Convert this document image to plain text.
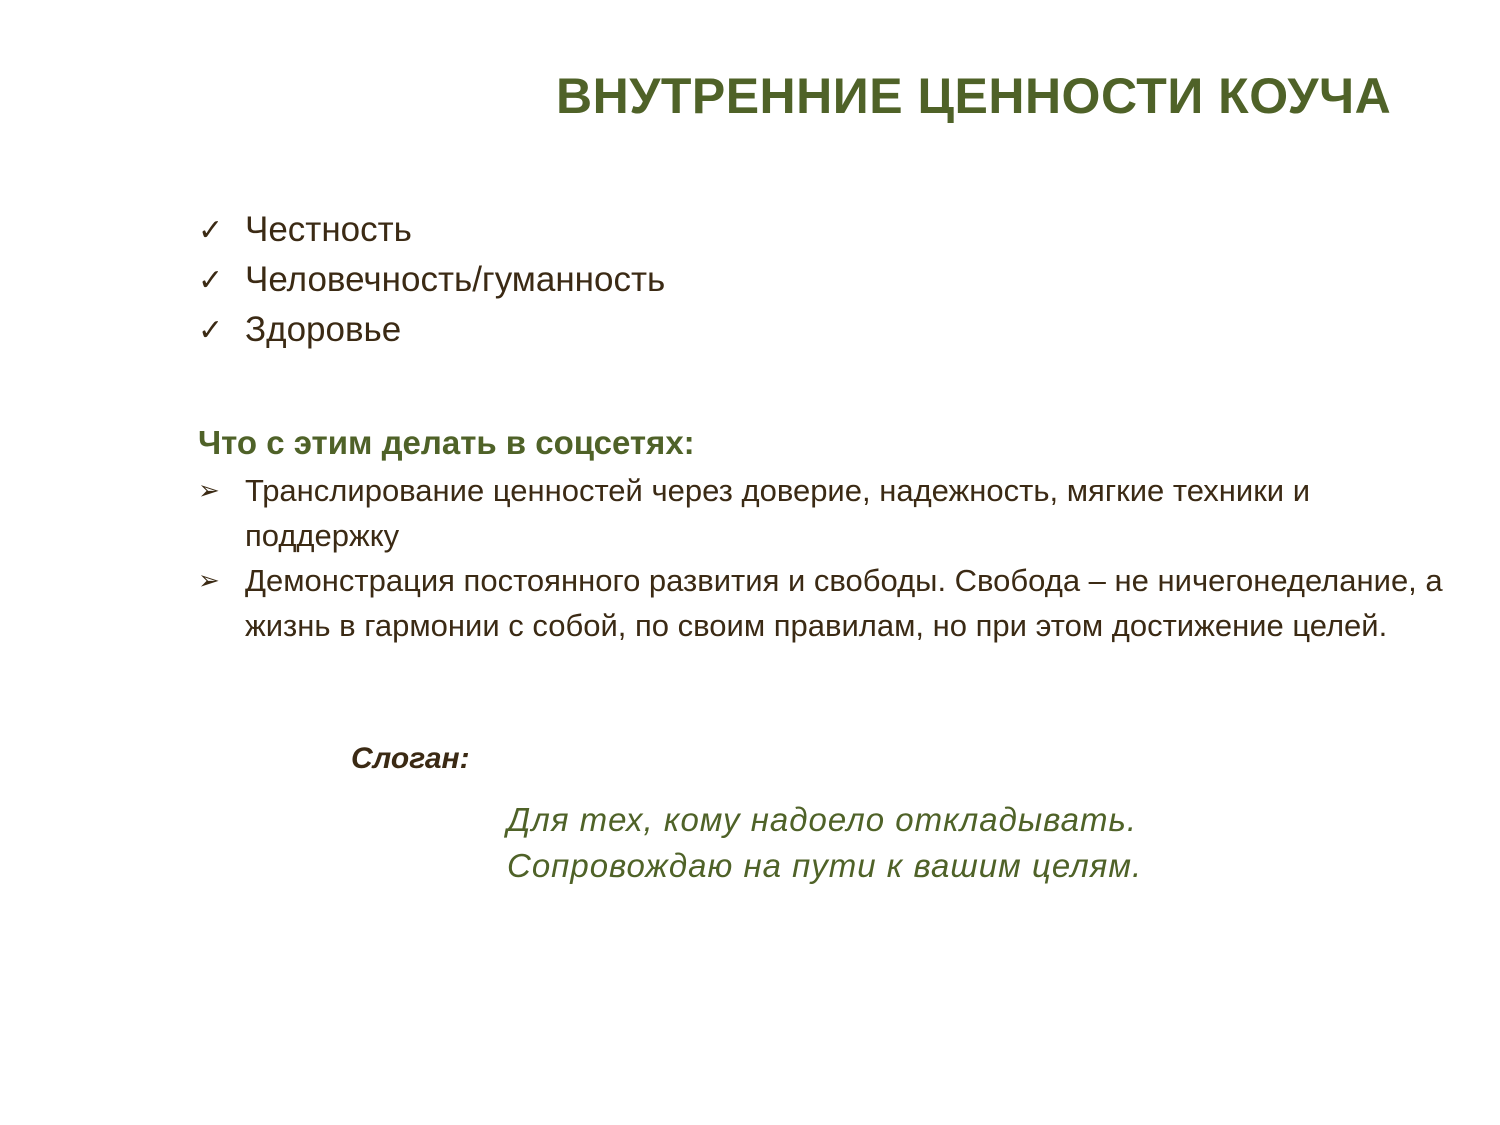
ВНУТРЕННИЕ ЦЕННОСТИ КОУЧА
✓ Честность
✓ Человечность/гуманность
✓ Здоровье
Что с этим делать в соцсетях:
➢ Транслирование ценностей через доверие, надежность, мягкие техники и поддержку
➢ Демонстрация постоянного развития и свободы. Свобода – не ничегонеделание, а жизнь в гармонии с собой, по своим правилам, но при этом достижение целей.

Слоган:

Для тех, кому надоело откладывать.
Сопровождаю на пути к вашим целям.
